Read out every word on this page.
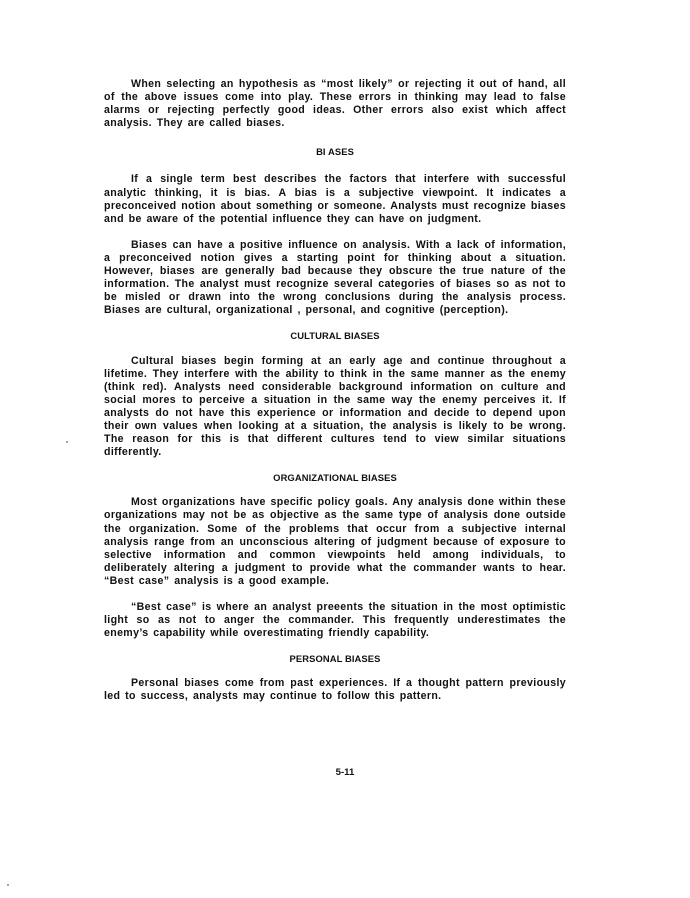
When selecting an hypothesis as “most likely” or rejecting it out of hand, all of the above issues come into play. These errors in thinking may lead to false alarms or rejecting perfectly good ideas. Other errors also exist which affect analysis. They are called biases.

BI ASES

If a single term best describes the factors that interfere with successful analytic thinking, it is bias. A bias is a subjective viewpoint. It indicates a preconceived notion about something or someone. Analysts must recognize biases and be aware of the potential influence they can have on judgment.

Biases can have a positive influence on analysis. With a lack of information, a preconceived notion gives a starting point for thinking about a situation. However, biases are generally bad because they obscure the true nature of the information. The analyst must recognize several categories of biases so as not to be misled or drawn into the wrong conclusions during the analysis process. Biases are cultural, organizational , personal, and cognitive (perception).

CULTURAL BIASES

Cultural biases begin forming at an early age and continue throughout a lifetime. They interfere with the ability to think in the same manner as the enemy (think red). Analysts need considerable background information on culture and social mores to perceive a situation in the same way the enemy perceives it. If analysts do not have this experience or information and decide to depend upon their own values when looking at a situation, the analysis is likely to be wrong. The reason for this is that different cultures tend to view similar situations differently.

ORGANIZATIONAL BIASES

Most organizations have specific policy goals. Any analysis done within these organizations may not be as objective as the same type of analysis done outside the organization. Some of the problems that occur from a subjective internal analysis range from an unconscious altering of judgment because of exposure to selective information and common viewpoints held among individuals, to deliberately altering a judgment to provide what the commander wants to hear. “Best case” analysis is a good example.

“Best case” is where an analyst preeents the situation in the most optimistic light so as not to anger the commander. This frequently underestimates the enemy’s capability while overestimating friendly capability.

PERSONAL BIASES

Personal biases come from past experiences. If a thought pattern previously led to success, analysts may continue to follow this pattern.

5-11
